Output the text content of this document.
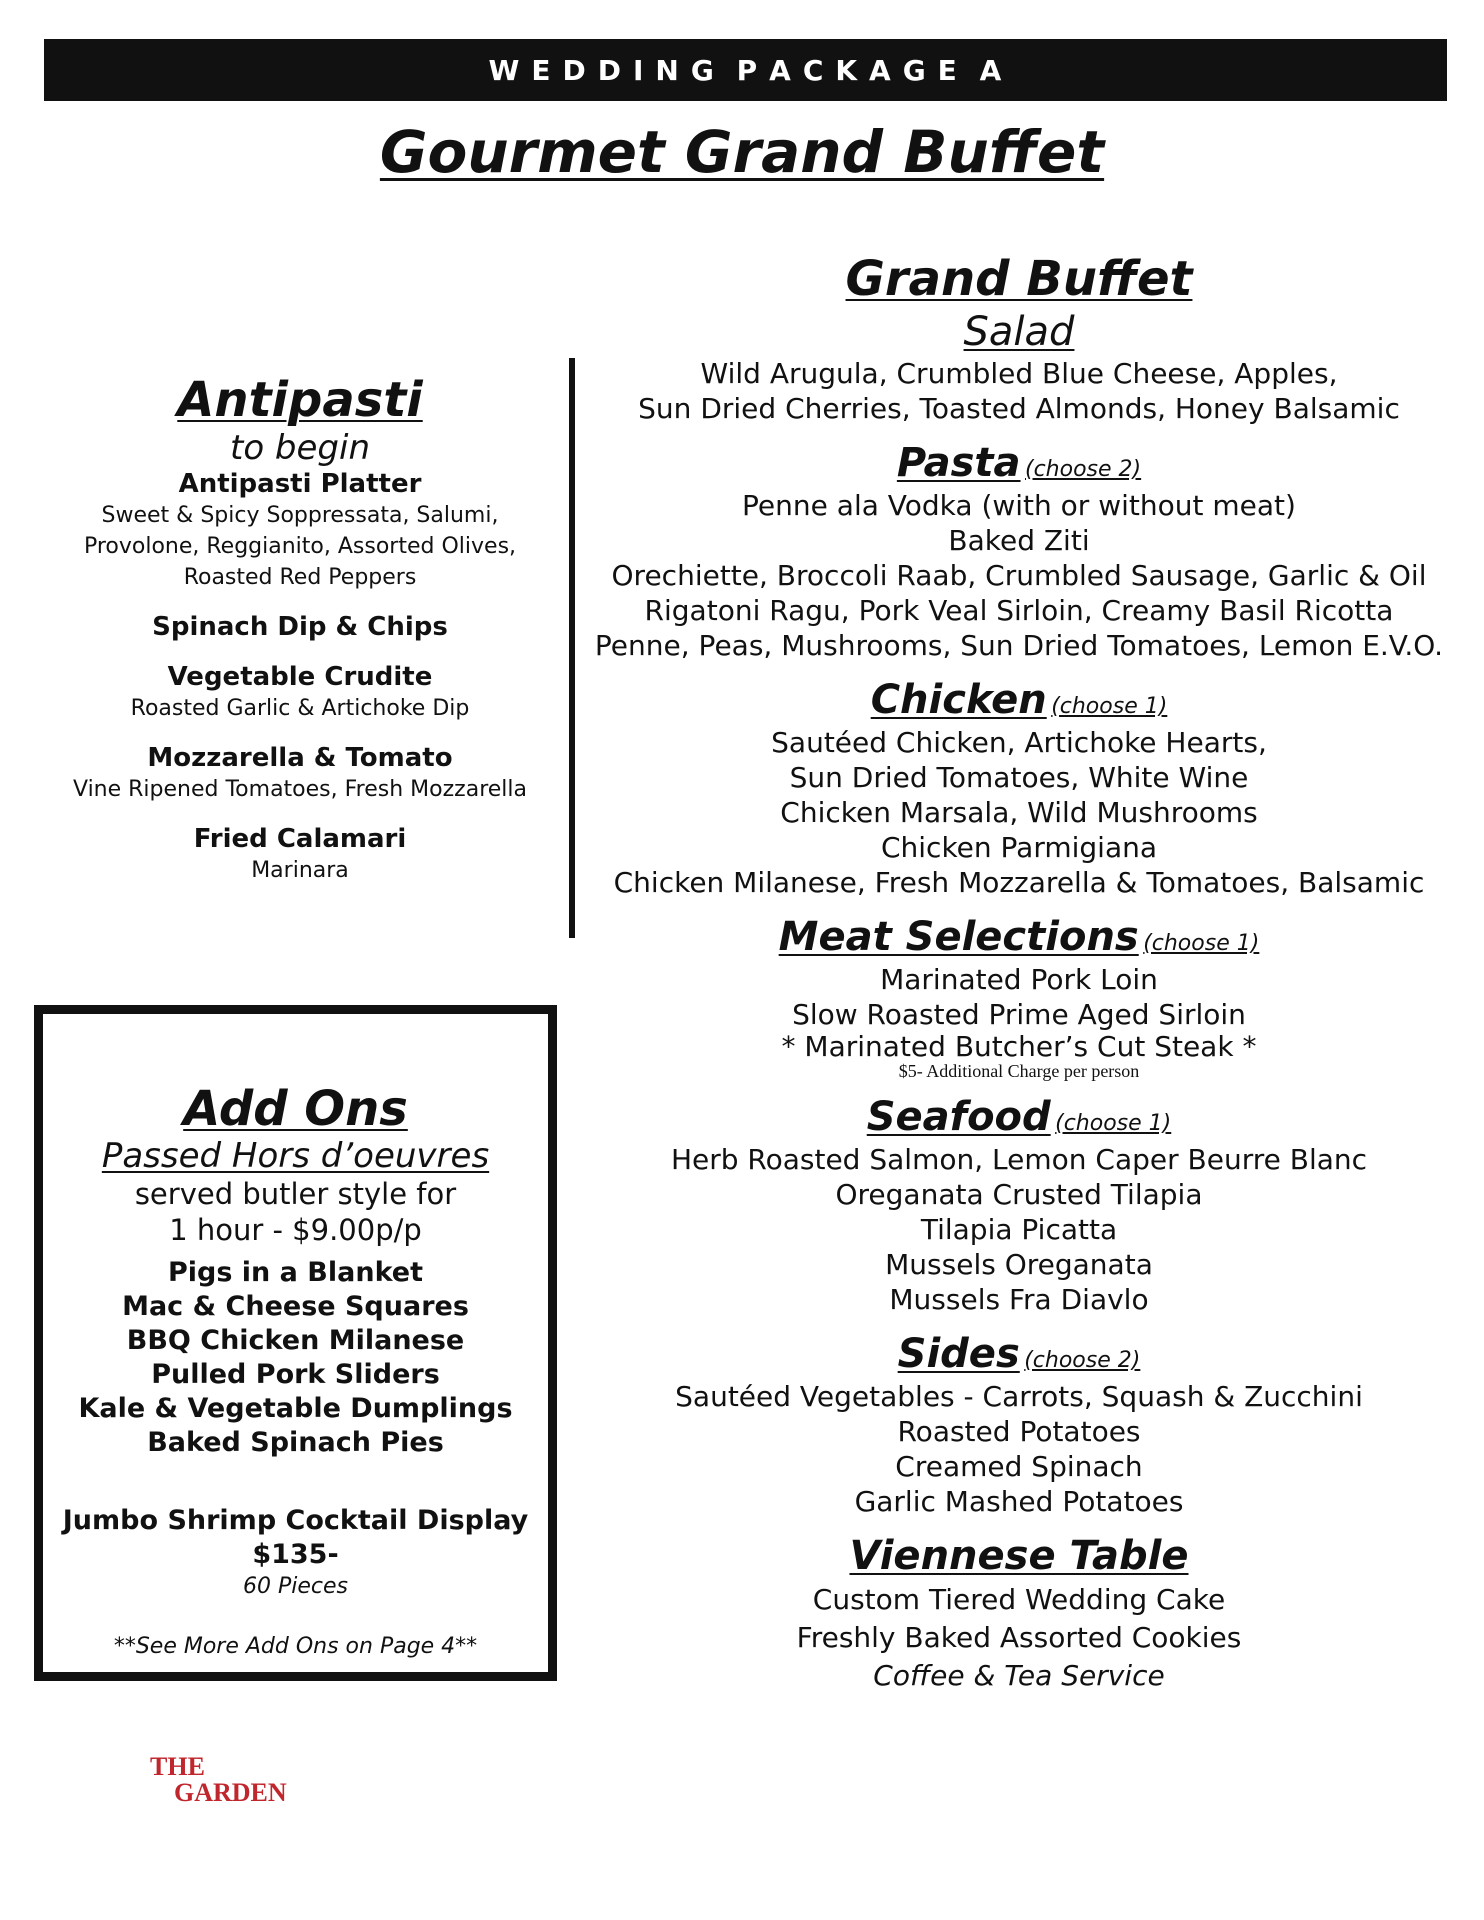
W E D D I N G  P A C K A G E  A
Gourmet Grand Buffet
Antipasti
to begin
Antipasti Platter
Sweet & Spicy Soppressata, Salumi,
Provolone, Reggianito, Assorted Olives,
Roasted Red Peppers
Spinach Dip & Chips
Vegetable Crudite
Roasted Garlic & Artichoke Dip
Mozzarella & Tomato
Vine Ripened Tomatoes, Fresh Mozzarella
Fried Calamari
Marinara
Add Ons
Passed Hors d’oeuvres
served butler style for
1 hour - $9.00p/p
Pigs in a Blanket
Mac & Cheese Squares
BBQ Chicken Milanese
Pulled Pork Sliders
Kale & Vegetable Dumplings
Baked Spinach Pies
Jumbo Shrimp Cocktail Display
$135-
60 Pieces
**See More Add Ons on Page 4**
THE
GARDEN
Grand Buffet
Salad
Wild Arugula, Crumbled Blue Cheese, Apples,
Sun Dried Cherries, Toasted Almonds, Honey Balsamic
Pasta (choose 2)
Penne ala Vodka (with or without meat)
Baked Ziti
Orechiette, Broccoli Raab, Crumbled Sausage, Garlic & Oil
Rigatoni Ragu, Pork Veal Sirloin, Creamy Basil Ricotta
Penne, Peas, Mushrooms, Sun Dried Tomatoes, Lemon E.V.O.
Chicken (choose 1)
Sautéed Chicken, Artichoke Hearts,
Sun Dried Tomatoes, White Wine
Chicken Marsala, Wild Mushrooms
Chicken Parmigiana
Chicken Milanese, Fresh Mozzarella & Tomatoes, Balsamic
Meat Selections (choose 1)
Marinated Pork Loin
Slow Roasted Prime Aged Sirloin
* Marinated Butcher’s Cut Steak *
$5- Additional Charge per person
Seafood (choose 1)
Herb Roasted Salmon, Lemon Caper Beurre Blanc
Oreganata Crusted Tilapia
Tilapia Picatta
Mussels Oreganata
Mussels Fra Diavlo
Sides (choose 2)
Sautéed Vegetables - Carrots, Squash & Zucchini
Roasted Potatoes
Creamed Spinach
Garlic Mashed Potatoes
Viennese Table
Custom Tiered Wedding Cake
Freshly Baked Assorted Cookies
Coffee & Tea Service
